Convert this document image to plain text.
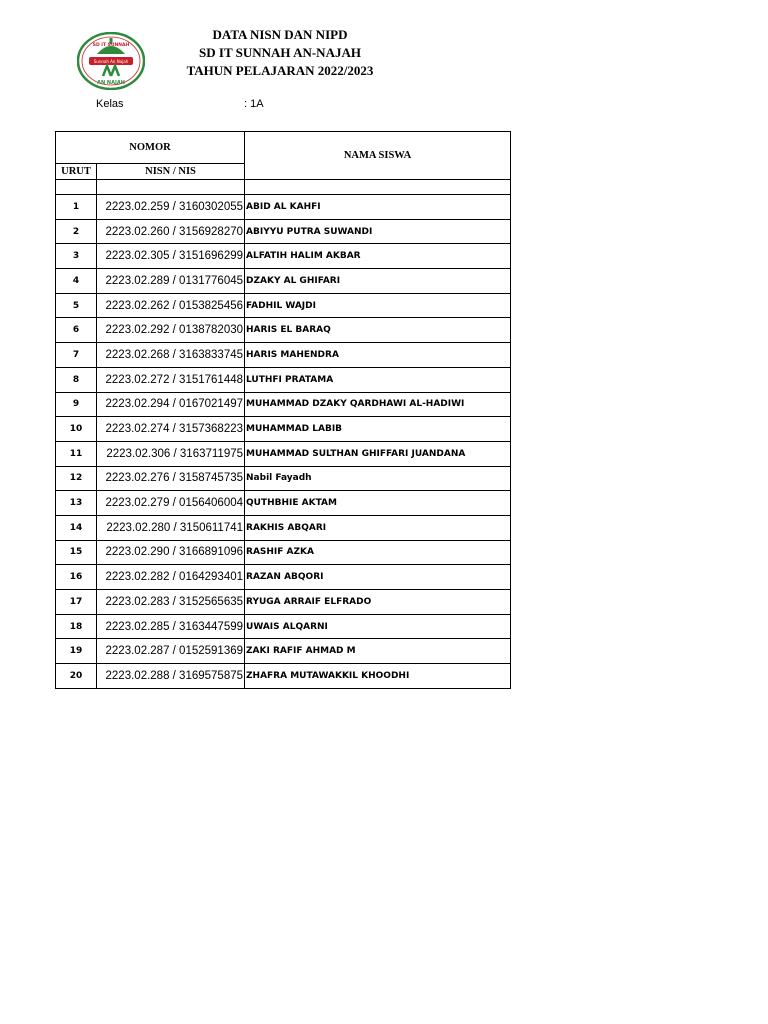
SD IT SUNNAH
Sunnah An Najah
AN NAJAH
DATA NISN DAN NIPD
SD IT SUNNAH AN-NAJAH
TAHUN PELAJARAN 2022/2023
Kelas	: 1A
NOMOR		NAMA SISWA
URUT	NISN / NIS	

1	2223.02.259 / 3160302055	ABID AL KAHFI
2	2223.02.260 / 3156928270	ABIYYU PUTRA SUWANDI
3	2223.02.305 / 3151696299	ALFATIH HALIM AKBAR
4	2223.02.289 / 0131776045	DZAKY AL GHIFARI
5	2223.02.262 / 0153825456	FADHIL WAJDI
6	2223.02.292 / 0138782030	HARIS EL BARAQ
7	2223.02.268 / 3163833745	HARIS MAHENDRA
8	2223.02.272 / 3151761448	LUTHFI PRATAMA
9	2223.02.294 / 0167021497	MUHAMMAD DZAKY QARDHAWI AL-HADIWI
10	2223.02.274 / 3157368223	MUHAMMAD LABIB
11	2223.02.306 / 3163711975	MUHAMMAD SULTHAN GHIFFARI JUANDANA
12	2223.02.276 / 3158745735	Nabil Fayadh
13	2223.02.279 / 0156406004	QUTHBHIE AKTAM
14	2223.02.280 / 3150611741	RAKHIS ABQARI
15	2223.02.290 / 3166891096	RASHIF AZKA
16	2223.02.282 / 0164293401	RAZAN ABQORI
17	2223.02.283 / 3152565635	RYUGA ARRAIF ELFRADO
18	2223.02.285 / 3163447599	UWAIS ALQARNI
19	2223.02.287 / 0152591369	ZAKI RAFIF AHMAD M
20	2223.02.288 / 3169575875	ZHAFRA MUTAWAKKIL KHOODHI
